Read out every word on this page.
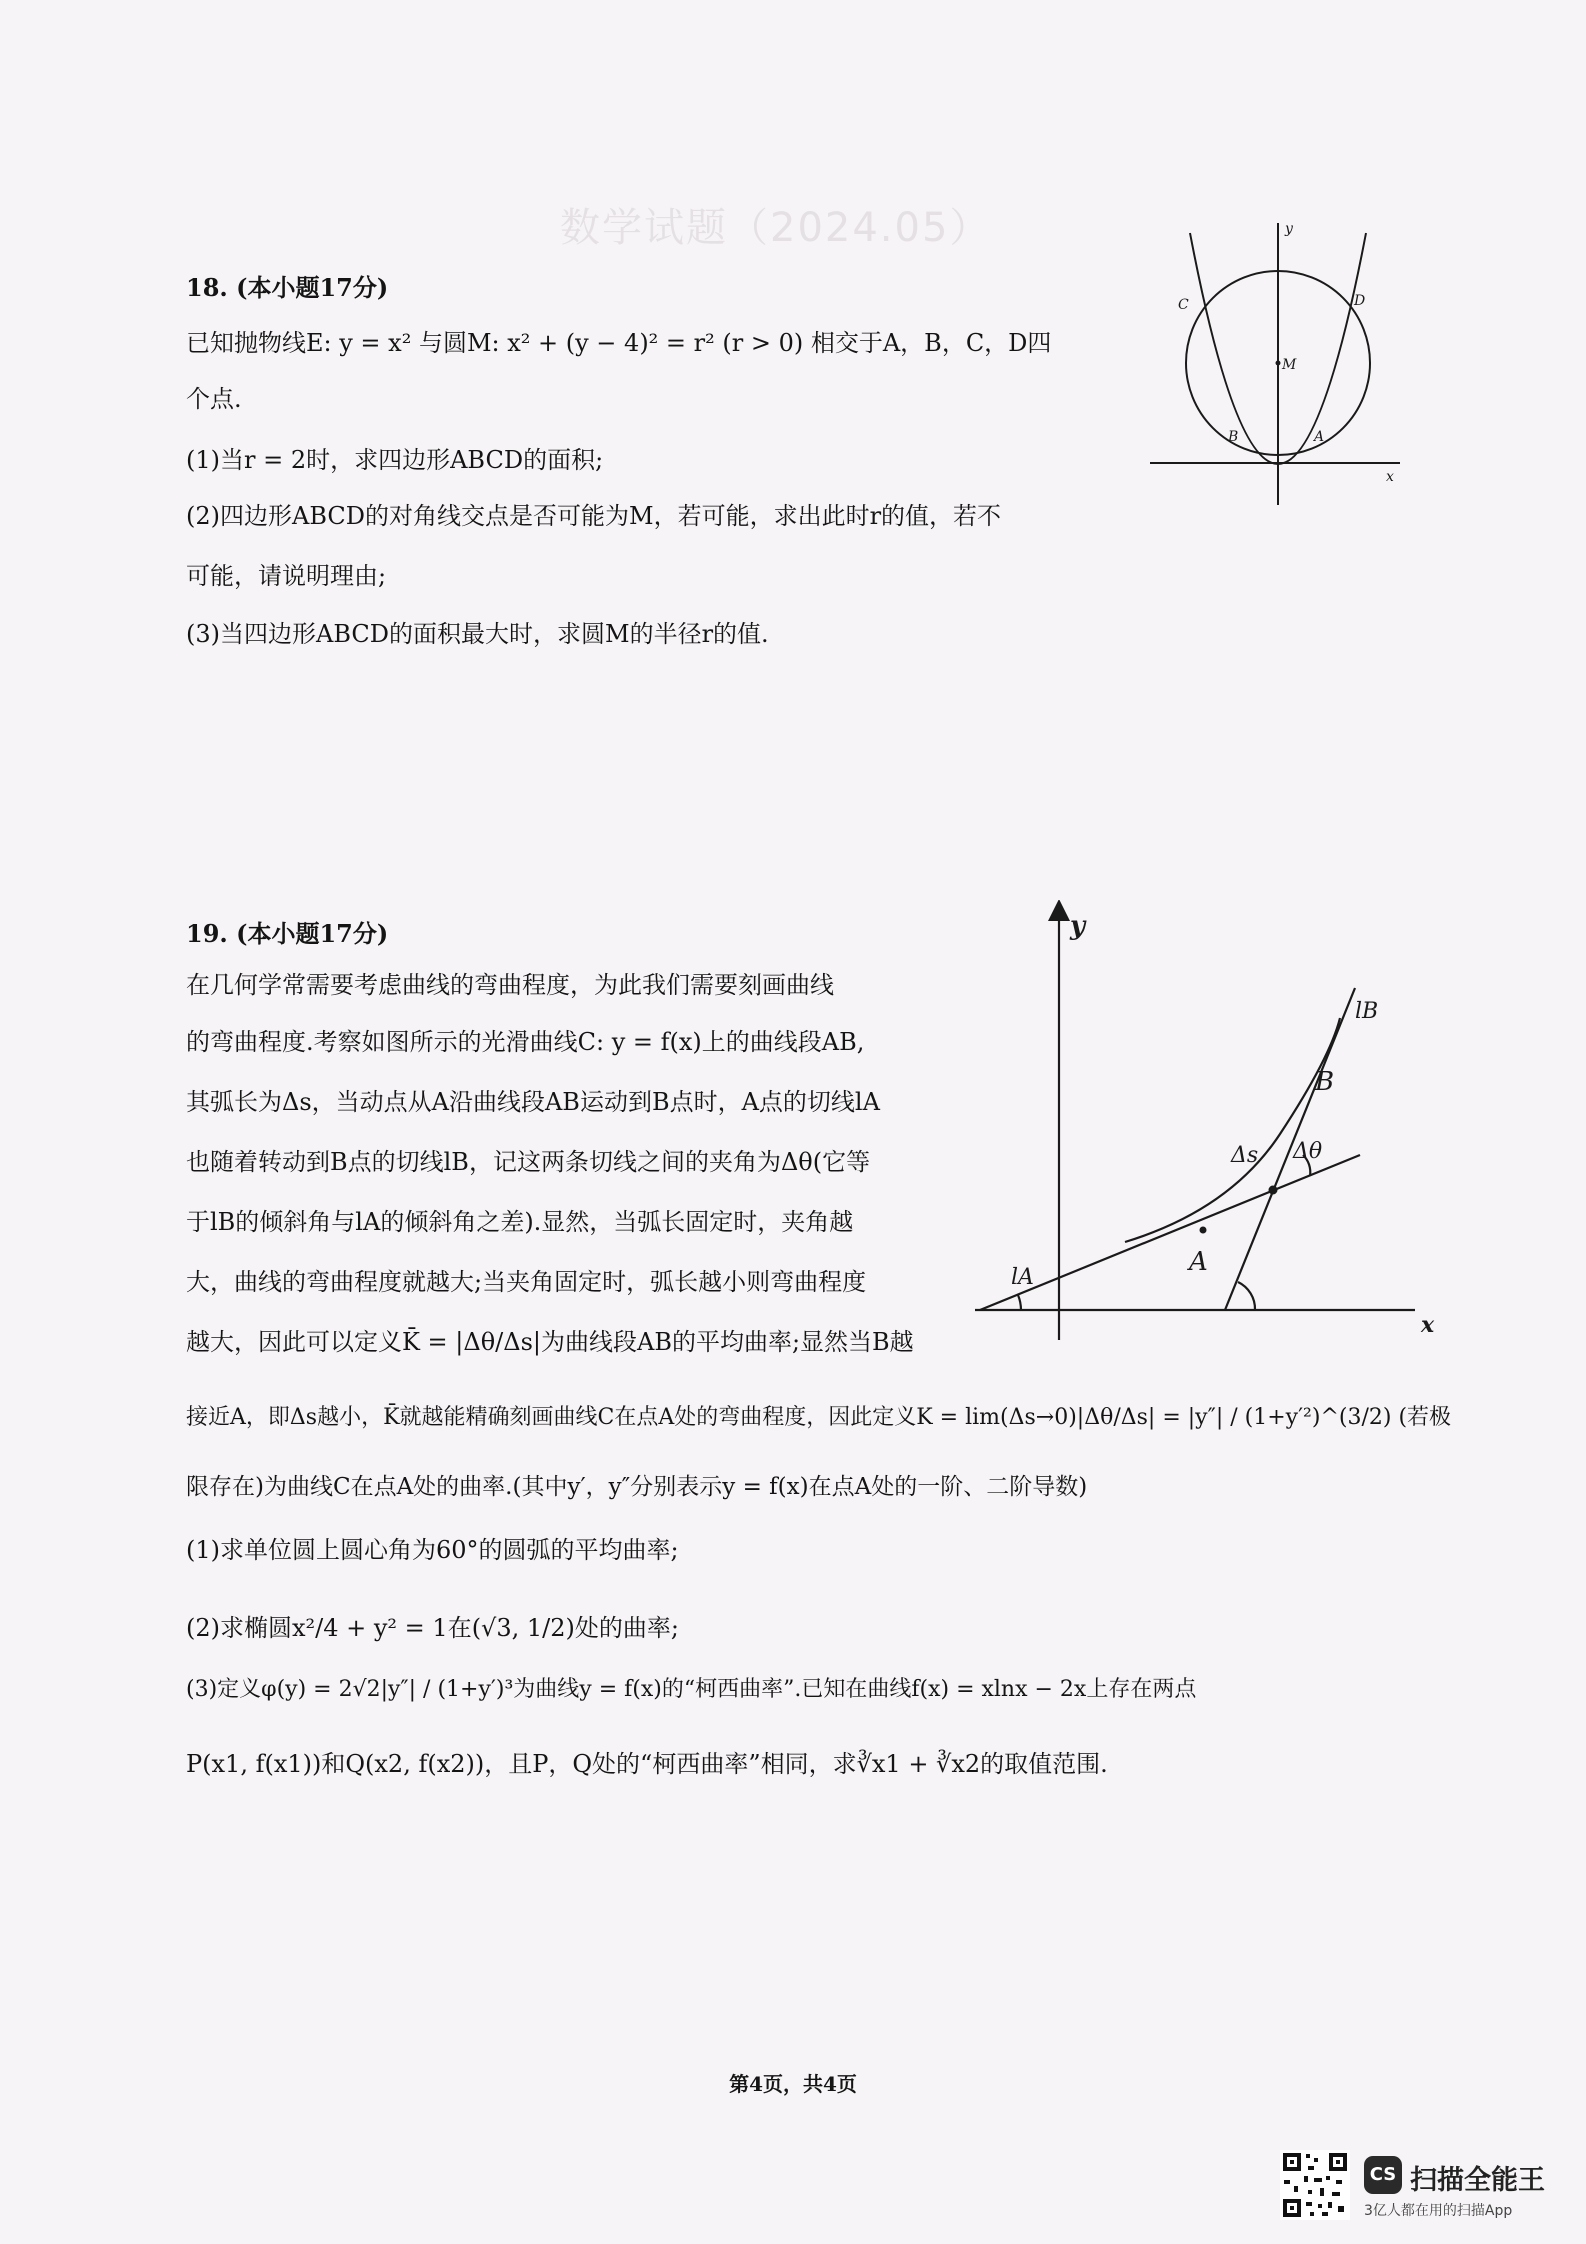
数学试题（2024.05）
18. (本小题17分)
已知抛物线E: y = x² 与圆M: x² + (y − 4)² = r² (r > 0) 相交于A，B，C，D四
个点.
(1)当r = 2时，求四边形ABCD的面积;
(2)四边形ABCD的对角线交点是否可能为M，若可能，求出此时r的值，若不
可能，请说明理由;
(3)当四边形ABCD的面积最大时，求圆M的半径r的值.
y
x
M
C	D
B	A
19. (本小题17分)
在几何学常需要考虑曲线的弯曲程度，为此我们需要刻画曲线
的弯曲程度.考察如图所示的光滑曲线C: y = f(x)上的曲线段AB,
其弧长为Δs，当动点从A沿曲线段AB运动到B点时，A点的切线lA
也随着转动到B点的切线lB，记这两条切线之间的夹角为Δθ(它等
于lB的倾斜角与lA的倾斜角之差).显然，当弧长固定时，夹角越
大，曲线的弯曲程度就越大;当夹角固定时，弧长越小则弯曲程度
越大，因此可以定义K̄ = |Δθ/Δs|为曲线段AB的平均曲率;显然当B越
接近A，即Δs越小，K̄就越能精确刻画曲线C在点A处的弯曲程度，因此定义K = lim(Δs→0)|Δθ/Δs| = |y″| / (1+y′²)^(3/2) (若极
限存在)为曲线C在点A处的曲率.(其中y′，y″分别表示y = f(x)在点A处的一阶、二阶导数)
(1)求单位圆上圆心角为60°的圆弧的平均曲率;
(2)求椭圆x²/4 + y² = 1在(√3, 1/2)处的曲率;
(3)定义φ(y) = 2√2|y″| / (1+y′)³为曲线y = f(x)的“柯西曲率”.已知在曲线f(x) = xlnx − 2x上存在两点
P(x1, f(x1))和Q(x2, f(x2))，且P，Q处的“柯西曲率”相同，求∛x1 + ∛x2的取值范围.
y
x
lB
B
Δs Δθ
A
lA
第4页，共4页
CS 扫描全能王
3亿人都在用的扫描App
